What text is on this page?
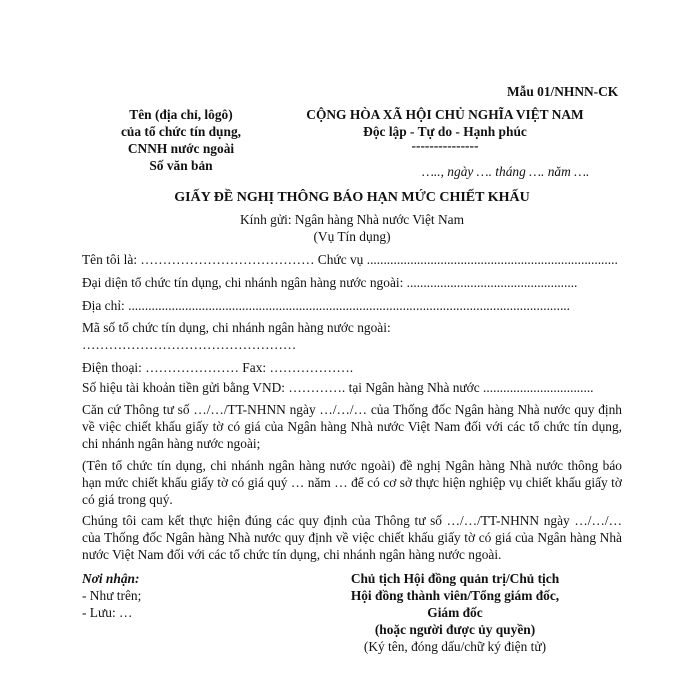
Mẫu 01/NHNN-CK
Tên (địa chỉ, lôgô)
của tổ chức tín dụng,
CNNH nước ngoài
Số văn bản
CỘNG HÒA XÃ HỘI CHỦ NGHĨA VIỆT NAM
Độc lập - Tự do - Hạnh phúc
---------------
….., ngày …. tháng …. năm ….
GIẤY ĐỀ NGHỊ THÔNG BÁO HẠN MỨC CHIẾT KHẤU
Kính gửi: Ngân hàng Nhà nước Việt Nam
(Vụ Tín dụng)
Tên tôi là: ………………………………… Chức vụ ...........................................................................
Đại diện tổ chức tín dụng, chi nhánh ngân hàng nước ngoài: ...................................................
Địa chỉ: ....................................................................................................................................
Mã số tổ chức tín dụng, chi nhánh ngân hàng nước ngoài:
…………………………………………
Điện thoại: ………………… Fax: ……………….
Số hiệu tài khoản tiền gửi bằng VND: …………. tại Ngân hàng Nhà nước .................................
Căn cứ Thông tư số …/…/TT-NHNN ngày …/…/… của Thống đốc Ngân hàng Nhà nước quy định về việc chiết khấu giấy tờ có giá của Ngân hàng Nhà nước Việt Nam đối với các tổ chức tín dụng, chi nhánh ngân hàng nước ngoài;
(Tên tổ chức tín dụng, chi nhánh ngân hàng nước ngoài) đề nghị Ngân hàng Nhà nước thông báo hạn mức chiết khấu giấy tờ có giá quý … năm … để có cơ sở thực hiện nghiệp vụ chiết khấu giấy tờ có giá trong quý.
Chúng tôi cam kết thực hiện đúng các quy định của Thông tư số …/…/TT-NHNN ngày …/…/… của Thống đốc Ngân hàng Nhà nước quy định về việc chiết khấu giấy tờ có giá của Ngân hàng Nhà nước Việt Nam đối với các tổ chức tín dụng, chi nhánh ngân hàng nước ngoài.
Nơi nhận:
- Như trên;
- Lưu: …
Chủ tịch Hội đồng quản trị/Chủ tịch
Hội đồng thành viên/Tổng giám đốc,
Giám đốc
(hoặc người được ủy quyền)
(Ký tên, đóng dấu/chữ ký điện tử)
